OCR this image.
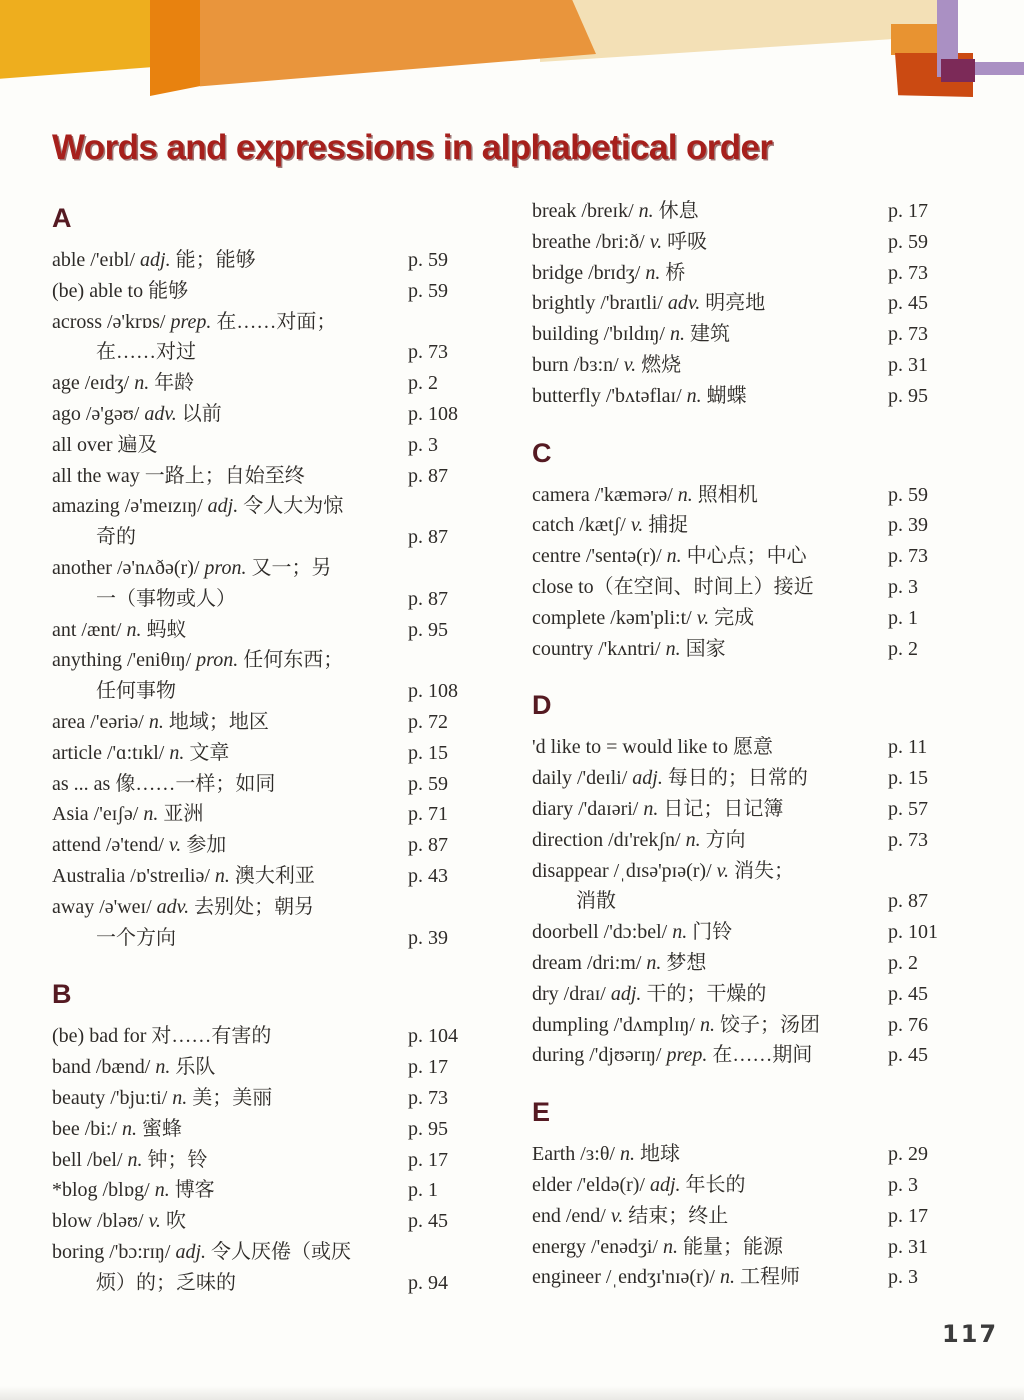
Words and expressions in alphabetical order
A
able /'eɪbl/ adj. 能；能够	p. 59
(be) able to 能够	p. 59
across /ə'krɒs/ prep. 在……对面；
在……对过	p. 73
age /eɪdʒ/ n. 年龄	p. 2
ago /ə'gəʊ/ adv. 以前	p. 108
all over 遍及	p. 3
all the way 一路上；自始至终	p. 87
amazing /ə'meɪzɪŋ/ adj. 令人大为惊
奇的	p. 87
another /ə'nʌðə(r)/ pron. 又一；另
一（事物或人）	p. 87
ant /ænt/ n. 蚂蚁	p. 95
anything /'eniθɪŋ/ pron. 任何东西；
任何事物	p. 108
area /'eəriə/ n. 地域；地区	p. 72
article /'ɑ:tɪkl/ n. 文章	p. 15
as ... as 像……一样；如同	p. 59
Asia /'eɪʃə/ n. 亚洲	p. 71
attend /ə'tend/ v. 参加	p. 87
Australia /ɒ'streɪliə/ n. 澳大利亚	p. 43
away /ə'weɪ/ adv. 去别处；朝另
一个方向	p. 39
B
(be) bad for 对……有害的	p. 104
band /bænd/ n. 乐队	p. 17
beauty /'bju:ti/ n. 美；美丽	p. 73
bee /bi:/ n. 蜜蜂	p. 95
bell /bel/ n. 钟；铃	p. 17
*blog /blɒg/ n. 博客	p. 1
blow /bləʊ/ v. 吹	p. 45
boring /'bɔ:rɪŋ/ adj. 令人厌倦（或厌
烦）的；乏味的	p. 94
break /breɪk/ n. 休息	p. 17
breathe /bri:ð/ v. 呼吸	p. 59
bridge /brɪdʒ/ n. 桥	p. 73
brightly /'braɪtli/ adv. 明亮地	p. 45
building /'bɪldɪŋ/ n. 建筑	p. 73
burn /bɜ:n/ v. 燃烧	p. 31
butterfly /'bʌtəflaɪ/ n. 蝴蝶	p. 95
C
camera /'kæmərə/ n. 照相机	p. 59
catch /kætʃ/ v. 捕捉	p. 39
centre /'sentə(r)/ n. 中心点；中心	p. 73
close to（在空间、时间上）接近	p. 3
complete /kəm'pli:t/ v. 完成	p. 1
country /'kʌntri/ n. 国家	p. 2
D
'd like to = would like to 愿意	p. 11
daily /'deɪli/ adj. 每日的；日常的	p. 15
diary /'daɪəri/ n. 日记；日记簿	p. 57
direction /dɪ'rekʃn/ n. 方向	p. 73
disappear /ˌdɪsə'pɪə(r)/ v. 消失；
消散	p. 87
doorbell /'dɔ:bel/ n. 门铃	p. 101
dream /dri:m/ n. 梦想	p. 2
dry /draɪ/ adj. 干的；干燥的	p. 45
dumpling /'dʌmplɪŋ/ n. 饺子；汤团	p. 76
during /'djʊərɪŋ/ prep. 在……期间	p. 45
E
Earth /ɜ:θ/ n. 地球	p. 29
elder /'eldə(r)/ adj. 年长的	p. 3
end /end/ v. 结束；终止	p. 17
energy /'enədʒi/ n. 能量；能源	p. 31
engineer /ˌendʒɪ'nɪə(r)/ n. 工程师	p. 3
117
